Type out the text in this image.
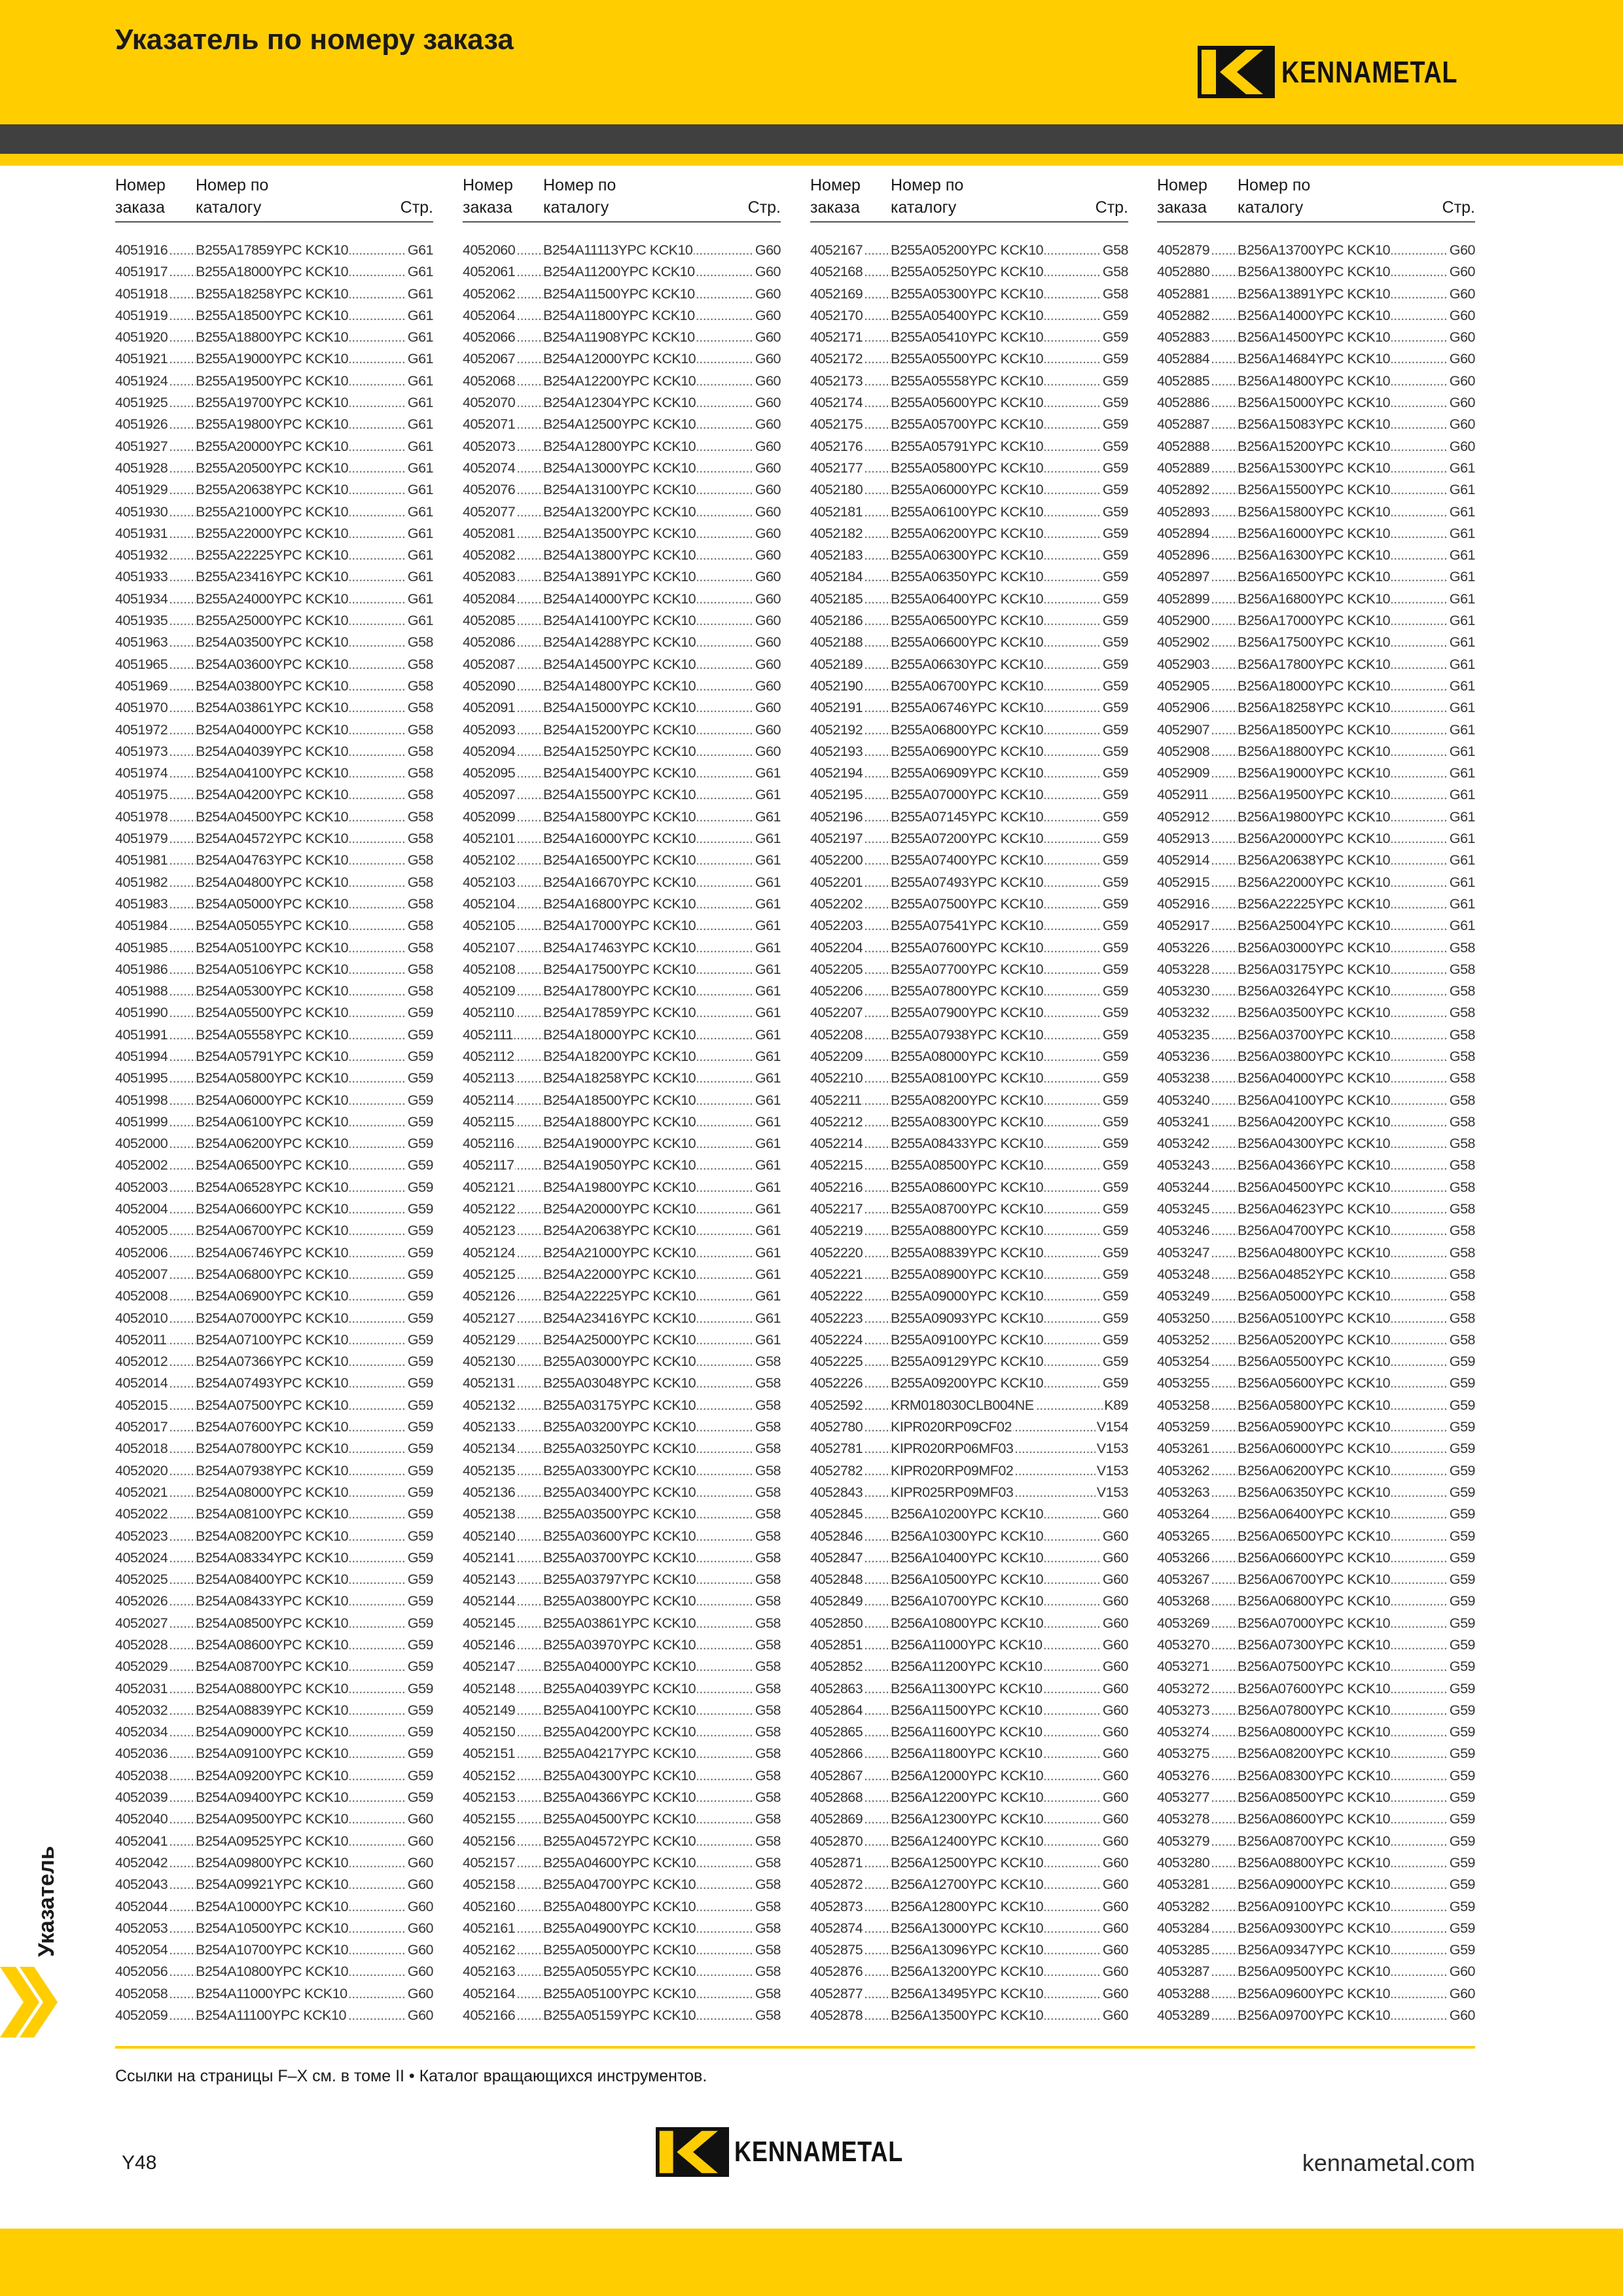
Указатель по номеру заказа
KENNAMETAL
Номер
заказа
Номер по
каталогу	Стр.
4051916 B255A17859YPC KCK10	G61
4051917 B255A18000YPC KCK10	G61
4051918 B255A18258YPC KCK10	G61
4051919 B255A18500YPC KCK10	G61
4051920 B255A18800YPC KCK10	G61
4051921 B255A19000YPC KCK10	G61
4051924 B255A19500YPC KCK10	G61
4051925 B255A19700YPC KCK10	G61
4051926 B255A19800YPC KCK10	G61
4051927 B255A20000YPC KCK10	G61
4051928 B255A20500YPC KCK10	G61
4051929 B255A20638YPC KCK10	G61
4051930 B255A21000YPC KCK10	G61
4051931 B255A22000YPC KCK10	G61
4051932 B255A22225YPC KCK10	G61
4051933 B255A23416YPC KCK10	G61
4051934 B255A24000YPC KCK10	G61
4051935 B255A25000YPC KCK10	G61
4051963 B254A03500YPC KCK10	G58
4051965 B254A03600YPC KCK10	G58
4051969 B254A03800YPC KCK10	G58
4051970 B254A03861YPC KCK10	G58
4051972 B254A04000YPC KCK10	G58
4051973 B254A04039YPC KCK10	G58
4051974 B254A04100YPC KCK10	G58
4051975 B254A04200YPC KCK10	G58
4051978 B254A04500YPC KCK10	G58
4051979 B254A04572YPC KCK10	G58
4051981 B254A04763YPC KCK10	G58
4051982 B254A04800YPC KCK10	G58
4051983 B254A05000YPC KCK10	G58
4051984 B254A05055YPC KCK10	G58
4051985 B254A05100YPC KCK10	G58
4051986 B254A05106YPC KCK10	G58
4051988 B254A05300YPC KCK10	G58
4051990 B254A05500YPC KCK10	G59
4051991 B254A05558YPC KCK10	G59
4051994 B254A05791YPC KCK10	G59
4051995 B254A05800YPC KCK10	G59
4051998 B254A06000YPC KCK10	G59
4051999 B254A06100YPC KCK10	G59
4052000 B254A06200YPC KCK10	G59
4052002 B254A06500YPC KCK10	G59
4052003 B254A06528YPC KCK10	G59
4052004 B254A06600YPC KCK10	G59
4052005 B254A06700YPC KCK10	G59
4052006 B254A06746YPC KCK10	G59
4052007 B254A06800YPC KCK10	G59
4052008 B254A06900YPC KCK10	G59
4052010 B254A07000YPC KCK10	G59
4052011 B254A07100YPC KCK10	G59
4052012 B254A07366YPC KCK10	G59
4052014 B254A07493YPC KCK10	G59
4052015 B254A07500YPC KCK10	G59
4052017 B254A07600YPC KCK10	G59
4052018 B254A07800YPC KCK10	G59
4052020 B254A07938YPC KCK10	G59
4052021 B254A08000YPC KCK10	G59
4052022 B254A08100YPC KCK10	G59
4052023 B254A08200YPC KCK10	G59
4052024 B254A08334YPC KCK10	G59
4052025 B254A08400YPC KCK10	G59
4052026 B254A08433YPC KCK10	G59
4052027 B254A08500YPC KCK10	G59
4052028 B254A08600YPC KCK10	G59
4052029 B254A08700YPC KCK10	G59
4052031 B254A08800YPC KCK10	G59
4052032 B254A08839YPC KCK10	G59
4052034 B254A09000YPC KCK10	G59
4052036 B254A09100YPC KCK10	G59
4052038 B254A09200YPC KCK10	G59
4052039 B254A09400YPC KCK10	G59
4052040 B254A09500YPC KCK10	G60
4052041 B254A09525YPC KCK10	G60
4052042 B254A09800YPC KCK10	G60
4052043 B254A09921YPC KCK10	G60
4052044 B254A10000YPC KCK10	G60
4052053 B254A10500YPC KCK10	G60
4052054 B254A10700YPC KCK10	G60
4052056 B254A10800YPC KCK10	G60
4052058 B254A11000YPC KCK10	G60
4052059 B254A11100YPC KCK10	G60
Номер
заказа
Номер по
каталогу	Стр.
4052060 B254A11113YPC KCK10	G60
4052061 B254A11200YPC KCK10	G60
4052062 B254A11500YPC KCK10	G60
4052064 B254A11800YPC KCK10	G60
4052066 B254A11908YPC KCK10	G60
4052067 B254A12000YPC KCK10	G60
4052068 B254A12200YPC KCK10	G60
4052070 B254A12304YPC KCK10	G60
4052071 B254A12500YPC KCK10	G60
4052073 B254A12800YPC KCK10	G60
4052074 B254A13000YPC KCK10	G60
4052076 B254A13100YPC KCK10	G60
4052077 B254A13200YPC KCK10	G60
4052081 B254A13500YPC KCK10	G60
4052082 B254A13800YPC KCK10	G60
4052083 B254A13891YPC KCK10	G60
4052084 B254A14000YPC KCK10	G60
4052085 B254A14100YPC KCK10	G60
4052086 B254A14288YPC KCK10	G60
4052087 B254A14500YPC KCK10	G60
4052090 B254A14800YPC KCK10	G60
4052091 B254A15000YPC KCK10	G60
4052093 B254A15200YPC KCK10	G60
4052094 B254A15250YPC KCK10	G60
4052095 B254A15400YPC KCK10	G61
4052097 B254A15500YPC KCK10	G61
4052099 B254A15800YPC KCK10	G61
4052101 B254A16000YPC KCK10	G61
4052102 B254A16500YPC KCK10	G61
4052103 B254A16670YPC KCK10	G61
4052104 B254A16800YPC KCK10	G61
4052105 B254A17000YPC KCK10	G61
4052107 B254A17463YPC KCK10	G61
4052108 B254A17500YPC KCK10	G61
4052109 B254A17800YPC KCK10	G61
4052110 B254A17859YPC KCK10	G61
4052111 B254A18000YPC KCK10	G61
4052112 B254A18200YPC KCK10	G61
4052113 B254A18258YPC KCK10	G61
4052114 B254A18500YPC KCK10	G61
4052115 B254A18800YPC KCK10	G61
4052116 B254A19000YPC KCK10	G61
4052117 B254A19050YPC KCK10	G61
4052121 B254A19800YPC KCK10	G61
4052122 B254A20000YPC KCK10	G61
4052123 B254A20638YPC KCK10	G61
4052124 B254A21000YPC KCK10	G61
4052125 B254A22000YPC KCK10	G61
4052126 B254A22225YPC KCK10	G61
4052127 B254A23416YPC KCK10	G61
4052129 B254A25000YPC KCK10	G61
4052130 B255A03000YPC KCK10	G58
4052131 B255A03048YPC KCK10	G58
4052132 B255A03175YPC KCK10	G58
4052133 B255A03200YPC KCK10	G58
4052134 B255A03250YPC KCK10	G58
4052135 B255A03300YPC KCK10	G58
4052136 B255A03400YPC KCK10	G58
4052138 B255A03500YPC KCK10	G58
4052140 B255A03600YPC KCK10	G58
4052141 B255A03700YPC KCK10	G58
4052143 B255A03797YPC KCK10	G58
4052144 B255A03800YPC KCK10	G58
4052145 B255A03861YPC KCK10	G58
4052146 B255A03970YPC KCK10	G58
4052147 B255A04000YPC KCK10	G58
4052148 B255A04039YPC KCK10	G58
4052149 B255A04100YPC KCK10	G58
4052150 B255A04200YPC KCK10	G58
4052151 B255A04217YPC KCK10	G58
4052152 B255A04300YPC KCK10	G58
4052153 B255A04366YPC KCK10	G58
4052155 B255A04500YPC KCK10	G58
4052156 B255A04572YPC KCK10	G58
4052157 B255A04600YPC KCK10	G58
4052158 B255A04700YPC KCK10	G58
4052160 B255A04800YPC KCK10	G58
4052161 B255A04900YPC KCK10	G58
4052162 B255A05000YPC KCK10	G58
4052163 B255A05055YPC KCK10	G58
4052164 B255A05100YPC KCK10	G58
4052166 B255A05159YPC KCK10	G58
Номер
заказа
Номер по
каталогу	Стр.
4052167 B255A05200YPC KCK10	G58
4052168 B255A05250YPC KCK10	G58
4052169 B255A05300YPC KCK10	G58
4052170 B255A05400YPC KCK10	G59
4052171 B255A05410YPC KCK10	G59
4052172 B255A05500YPC KCK10	G59
4052173 B255A05558YPC KCK10	G59
4052174 B255A05600YPC KCK10	G59
4052175 B255A05700YPC KCK10	G59
4052176 B255A05791YPC KCK10	G59
4052177 B255A05800YPC KCK10	G59
4052180 B255A06000YPC KCK10	G59
4052181 B255A06100YPC KCK10	G59
4052182 B255A06200YPC KCK10	G59
4052183 B255A06300YPC KCK10	G59
4052184 B255A06350YPC KCK10	G59
4052185 B255A06400YPC KCK10	G59
4052186 B255A06500YPC KCK10	G59
4052188 B255A06600YPC KCK10	G59
4052189 B255A06630YPC KCK10	G59
4052190 B255A06700YPC KCK10	G59
4052191 B255A06746YPC KCK10	G59
4052192 B255A06800YPC KCK10	G59
4052193 B255A06900YPC KCK10	G59
4052194 B255A06909YPC KCK10	G59
4052195 B255A07000YPC KCK10	G59
4052196 B255A07145YPC KCK10	G59
4052197 B255A07200YPC KCK10	G59
4052200 B255A07400YPC KCK10	G59
4052201 B255A07493YPC KCK10	G59
4052202 B255A07500YPC KCK10	G59
4052203 B255A07541YPC KCK10	G59
4052204 B255A07600YPC KCK10	G59
4052205 B255A07700YPC KCK10	G59
4052206 B255A07800YPC KCK10	G59
4052207 B255A07900YPC KCK10	G59
4052208 B255A07938YPC KCK10	G59
4052209 B255A08000YPC KCK10	G59
4052210 B255A08100YPC KCK10	G59
4052211 B255A08200YPC KCK10	G59
4052212 B255A08300YPC KCK10	G59
4052214 B255A08433YPC KCK10	G59
4052215 B255A08500YPC KCK10	G59
4052216 B255A08600YPC KCK10	G59
4052217 B255A08700YPC KCK10	G59
4052219 B255A08800YPC KCK10	G59
4052220 B255A08839YPC KCK10	G59
4052221 B255A08900YPC KCK10	G59
4052222 B255A09000YPC KCK10	G59
4052223 B255A09093YPC KCK10	G59
4052224 B255A09100YPC KCK10	G59
4052225 B255A09129YPC KCK10	G59
4052226 B255A09200YPC KCK10	G59
4052592 KRM018030CLB004NE	K89
4052780 KIPR020RP09CF02	V154
4052781 KIPR020RP06MF03	V153
4052782 KIPR020RP09MF02	V153
4052843 KIPR025RP09MF03	V153
4052845 B256A10200YPC KCK10	G60
4052846 B256A10300YPC KCK10	G60
4052847 B256A10400YPC KCK10	G60
4052848 B256A10500YPC KCK10	G60
4052849 B256A10700YPC KCK10	G60
4052850 B256A10800YPC KCK10	G60
4052851 B256A11000YPC KCK10	G60
4052852 B256A11200YPC KCK10	G60
4052863 B256A11300YPC KCK10	G60
4052864 B256A11500YPC KCK10	G60
4052865 B256A11600YPC KCK10	G60
4052866 B256A11800YPC KCK10	G60
4052867 B256A12000YPC KCK10	G60
4052868 B256A12200YPC KCK10	G60
4052869 B256A12300YPC KCK10	G60
4052870 B256A12400YPC KCK10	G60
4052871 B256A12500YPC KCK10	G60
4052872 B256A12700YPC KCK10	G60
4052873 B256A12800YPC KCK10	G60
4052874 B256A13000YPC KCK10	G60
4052875 B256A13096YPC KCK10	G60
4052876 B256A13200YPC KCK10	G60
4052877 B256A13495YPC KCK10	G60
4052878 B256A13500YPC KCK10	G60
Номер
заказа
Номер по
каталогу	Стр.
4052879 B256A13700YPC KCK10	G60
4052880 B256A13800YPC KCK10	G60
4052881 B256A13891YPC KCK10	G60
4052882 B256A14000YPC KCK10	G60
4052883 B256A14500YPC KCK10	G60
4052884 B256A14684YPC KCK10	G60
4052885 B256A14800YPC KCK10	G60
4052886 B256A15000YPC KCK10	G60
4052887 B256A15083YPC KCK10	G60
4052888 B256A15200YPC KCK10	G60
4052889 B256A15300YPC KCK10	G61
4052892 B256A15500YPC KCK10	G61
4052893 B256A15800YPC KCK10	G61
4052894 B256A16000YPC KCK10	G61
4052896 B256A16300YPC KCK10	G61
4052897 B256A16500YPC KCK10	G61
4052899 B256A16800YPC KCK10	G61
4052900 B256A17000YPC KCK10	G61
4052902 B256A17500YPC KCK10	G61
4052903 B256A17800YPC KCK10	G61
4052905 B256A18000YPC KCK10	G61
4052906 B256A18258YPC KCK10	G61
4052907 B256A18500YPC KCK10	G61
4052908 B256A18800YPC KCK10	G61
4052909 B256A19000YPC KCK10	G61
4052911 B256A19500YPC KCK10	G61
4052912 B256A19800YPC KCK10	G61
4052913 B256A20000YPC KCK10	G61
4052914 B256A20638YPC KCK10	G61
4052915 B256A22000YPC KCK10	G61
4052916 B256A22225YPC KCK10	G61
4052917 B256A25004YPC KCK10	G61
4053226 B256A03000YPC KCK10	G58
4053228 B256A03175YPC KCK10	G58
4053230 B256A03264YPC KCK10	G58
4053232 B256A03500YPC KCK10	G58
4053235 B256A03700YPC KCK10	G58
4053236 B256A03800YPC KCK10	G58
4053238 B256A04000YPC KCK10	G58
4053240 B256A04100YPC KCK10	G58
4053241 B256A04200YPC KCK10	G58
4053242 B256A04300YPC KCK10	G58
4053243 B256A04366YPC KCK10	G58
4053244 B256A04500YPC KCK10	G58
4053245 B256A04623YPC KCK10	G58
4053246 B256A04700YPC KCK10	G58
4053247 B256A04800YPC KCK10	G58
4053248 B256A04852YPC KCK10	G58
4053249 B256A05000YPC KCK10	G58
4053250 B256A05100YPC KCK10	G58
4053252 B256A05200YPC KCK10	G58
4053254 B256A05500YPC KCK10	G59
4053255 B256A05600YPC KCK10	G59
4053258 B256A05800YPC KCK10	G59
4053259 B256A05900YPC KCK10	G59
4053261 B256A06000YPC KCK10	G59
4053262 B256A06200YPC KCK10	G59
4053263 B256A06350YPC KCK10	G59
4053264 B256A06400YPC KCK10	G59
4053265 B256A06500YPC KCK10	G59
4053266 B256A06600YPC KCK10	G59
4053267 B256A06700YPC KCK10	G59
4053268 B256A06800YPC KCK10	G59
4053269 B256A07000YPC KCK10	G59
4053270 B256A07300YPC KCK10	G59
4053271 B256A07500YPC KCK10	G59
4053272 B256A07600YPC KCK10	G59
4053273 B256A07800YPC KCK10	G59
4053274 B256A08000YPC KCK10	G59
4053275 B256A08200YPC KCK10	G59
4053276 B256A08300YPC KCK10	G59
4053277 B256A08500YPC KCK10	G59
4053278 B256A08600YPC KCK10	G59
4053279 B256A08700YPC KCK10	G59
4053280 B256A08800YPC KCK10	G59
4053281 B256A09000YPC KCK10	G59
4053282 B256A09100YPC KCK10	G59
4053284 B256A09300YPC KCK10	G59
4053285 B256A09347YPC KCK10	G59
4053287 B256A09500YPC KCK10	G60
4053288 B256A09600YPC KCK10	G60
4053289 B256A09700YPC KCK10	G60
Ссылки на страницы F–X см. в томе II • Каталог вращающихся инструментов.
Указатель
Y48	KENNAMETAL	kennametal.com
